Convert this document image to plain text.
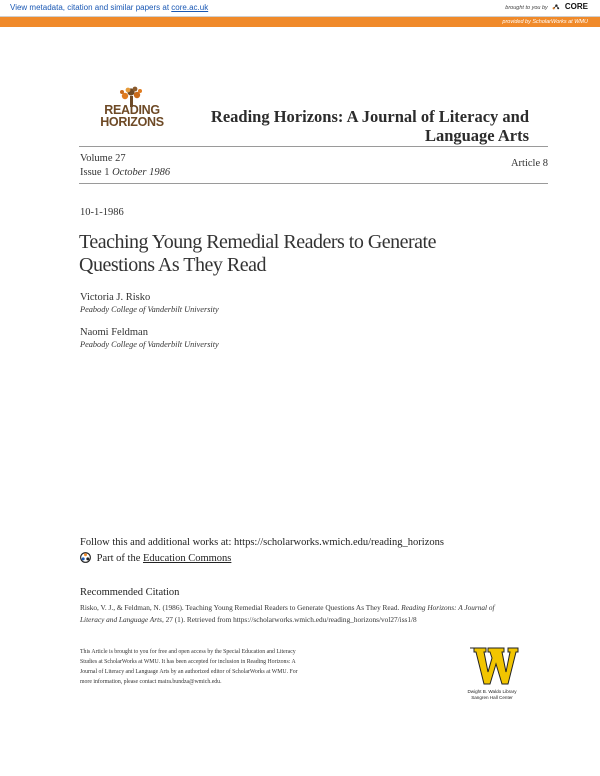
View metadata, citation and similar papers at core.ac.uk	brought to you by CORE
provided by ScholarWorks at WMU
READING
HORIZONS	Reading Horizons: A Journal of Literacy and Language Arts
Volume 27
Issue 1 October 1986
Article 8
10-1-1986
Teaching Young Remedial Readers to Generate Questions As They Read
Victoria J. Risko
Peabody College of Vanderbilt University
Naomi Feldman
Peabody College of Vanderbilt University
Follow this and additional works at: https://scholarworks.wmich.edu/reading_horizons
Part of the Education Commons
Recommended Citation
Risko, V. J., & Feldman, N. (1986). Teaching Young Remedial Readers to Generate Questions As They Read. Reading Horizons: A Journal of Literacy and Language Arts, 27 (1). Retrieved from https://scholarworks.wmich.edu/reading_horizons/vol27/iss1/8
This Article is brought to you for free and open access by the Special Education and Literacy Studies at ScholarWorks at WMU. It has been accepted for inclusion in Reading Horizons: A Journal of Literacy and Language Arts by an authorized editor of ScholarWorks at WMU. For more information, please contact maira.bundza@wmich.edu.
Dwight B. Waldo Library
Sangren Hall Center
